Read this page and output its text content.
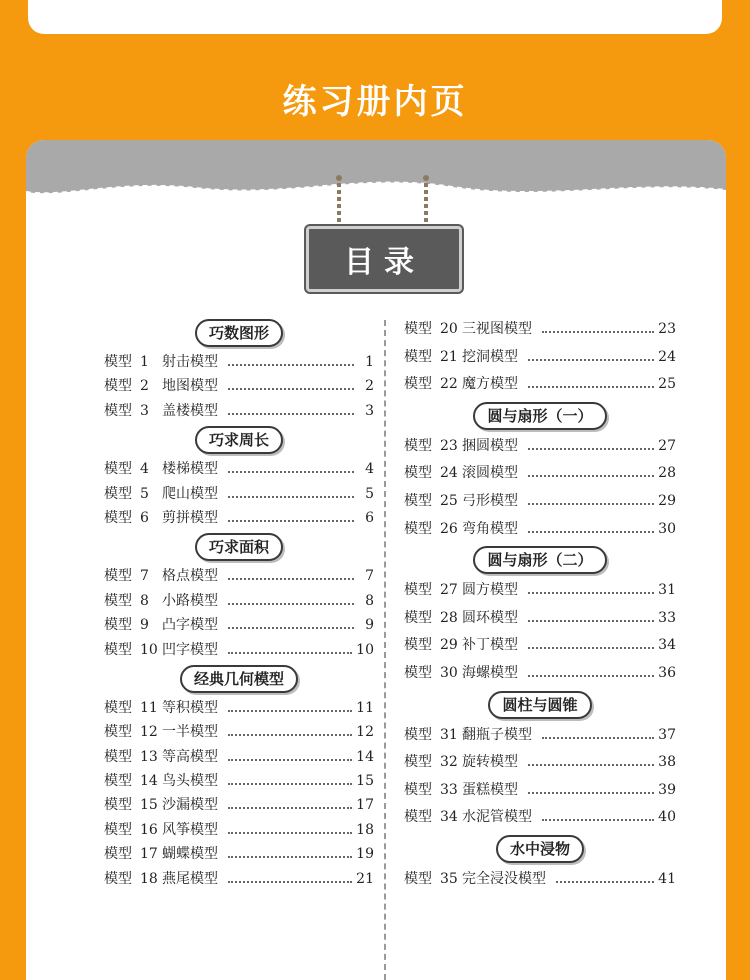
练习册内页
目录
巧数图形
模型 1 射击模型	1
模型 2 地图模型	2
模型 3 盖楼模型	3
巧求周长
模型 4 楼梯模型	4
模型 5 爬山模型	5
模型 6 剪拼模型	6
巧求面积
模型 7 格点模型	7
模型 8 小路模型	8
模型 9 凸字模型	9
模型 10 凹字模型	10
经典几何模型
模型 11 等积模型	11
模型 12 一半模型	12
模型 13 等高模型	14
模型 14 鸟头模型	15
模型 15 沙漏模型	17
模型 16 风筝模型	18
模型 17 蝴蝶模型	19
模型 18 燕尾模型	21
模型 20 三视图模型	23
模型 21 挖洞模型	24
模型 22 魔方模型	25
圆与扇形（一）
模型 23 捆圆模型	27
模型 24 滚圆模型	28
模型 25 弓形模型	29
模型 26 弯角模型	30
圆与扇形（二）
模型 27 圆方模型	31
模型 28 圆环模型	33
模型 29 补丁模型	34
模型 30 海螺模型	36
圆柱与圆锥
模型 31 翻瓶子模型	37
模型 32 旋转模型	38
模型 33 蛋糕模型	39
模型 34 水泥管模型	40
水中浸物
模型 35 完全浸没模型	41
